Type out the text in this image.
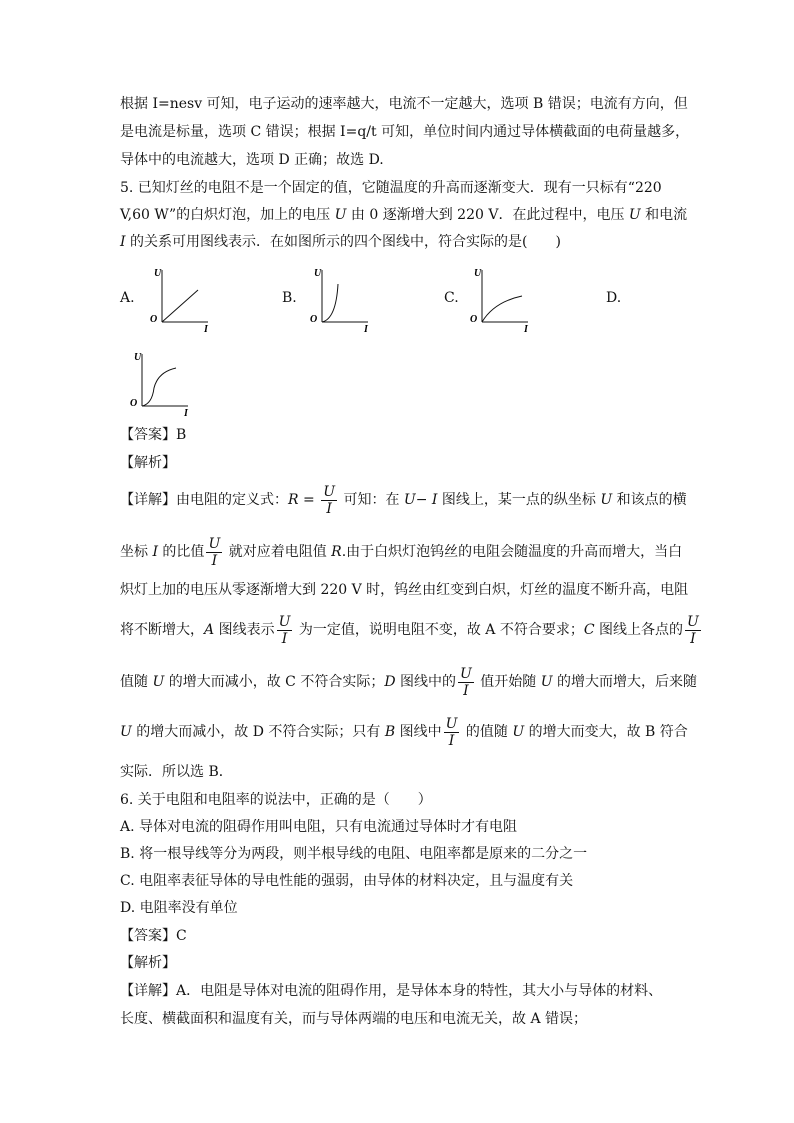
根据 I=nesv 可知，电子运动的速率越大，电流不一定越大，选项 B 错误；电流有方向，但
是电流是标量，选项 C 错误；根据 I=q/t 可知，单位时间内通过导体横截面的电荷量越多，
导体中的电流越大，选项 D 正确；故选 D.
5. 已知灯丝的电阻不是一个固定的值，它随温度的升高而逐渐变大．现有一只标有“220
V,60 W”的白炽灯泡，加上的电压 U 由 0 逐渐增大到 220 V．在此过程中，电压 U 和电流
I 的关系可用图线表示．在如图所示的四个图线中，符合实际的是(　　)
A.	B.	C.	D.
U
O
I
U
O
I
U
O
I
U
O
I
【答案】B
【解析】
【详解】由电阻的定义式：$R = \frac{U}{I}$ 可知：在 U− I 图线上，某一点的纵坐标 U 和该点的横
坐标 I 的比值 $\frac{U}{I}$ 就对应着电阻值 R.由于白炽灯泡钨丝的电阻会随温度的升高而增大，当白
炽灯上加的电压从零逐渐增大到 220 V 时，钨丝由红变到白炽，灯丝的温度不断升高，电阻
将不断增大，A 图线表示 $\frac{U}{I}$ 为一定值，说明电阻不变，故 A 不符合要求；C 图线上各点的 $\frac{U}{I}$
值随 U 的增大而减小，故 C 不符合实际；D 图线中的 $\frac{U}{I}$ 值开始随 U 的增大而增大，后来随
U 的增大而减小，故 D 不符合实际；只有 B 图线中 $\frac{U}{I}$ 的值随 U 的增大而变大，故 B 符合
实际．所以选 B．
6. 关于电阻和电阻率的说法中，正确的是（　　）
A. 导体对电流的阻碍作用叫电阻，只有电流通过导体时才有电阻
B. 将一根导线等分为两段，则半根导线的电阻、电阻率都是原来的二分之一
C. 电阻率表征导体的导电性能的强弱，由导体的材料决定，且与温度有关
D. 电阻率没有单位
【答案】C
【解析】
【详解】A．电阻是导体对电流的阻碍作用，是导体本身的特性，其大小与导体的材料、
长度、横截面积和温度有关，而与导体两端的电压和电流无关，故 A 错误；
